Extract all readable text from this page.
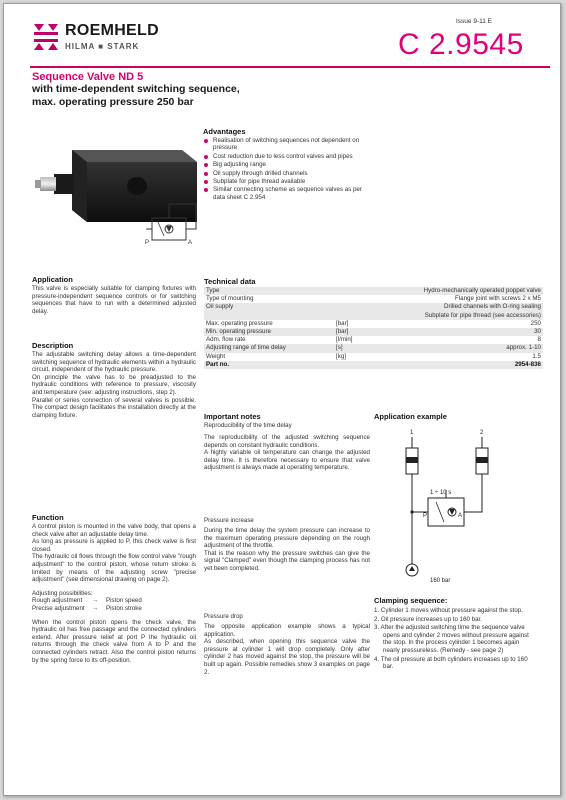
ROEMHELD
HILMA ■ STARK
Issue 9-11 E
C 2.9545
Sequence Valve ND 5
with time-dependent switching sequence,
max. operating pressure 250 bar
Advantages
Realisation of switching sequences not dependent on pressure
Cost reduction due to less control valves and pipes
Big adjusting range
Oil supply through drilled channels
Subplate for pipe thread available
Similar connecting scheme as sequence valves as per data sheet C 2.954
P	A
Application
This valve is especially suitable for clamping fixtures with pressure-independent sequence controls or for switching sequences that have to run with a determined adjusted delay.
Description
The adjustable switching delay allows a time-dependent switching sequence of hydraulic elements within a hydraulic circuit, independent of the hydraulic pressure.
On principle the valve has to be preadjusted to the hydraulic conditions with reference to pressure, viscosity and temperature (see: adjusting instructions, step 2).
Parallel or series connection of several valves is possible. The compact design facilitates the installation directly at the clamping fixture.
Technical data
Type		Hydro-mechanically operated poppet valve
Type of mounting		Flange joint with screws 2 x M5
Oil supply		Drilled channels with O-ring sealing
		Subplate for pipe thread (see accessories)
Max. operating pressure	[bar]	250
Min. operating pressure	[bar]	30
Adm. flow rate	[l/min]	8
Adjusting range of time delay	[s]	approx. 1-10
Weight	[kg]	1.5
Part no.		2954-836
Important notes
Reproducibility of the time delay
The reproducibility of the adjusted switching sequence depends on constant hydraulic conditions.
A highly variable oil temperature can change the adjusted delay time. It is therefore necessary to ensure that valve adjustment is always made at operating temperature.
Pressure increase
During the time delay the system pressure can increase to the maximum operating pressure depending on the rough adjustment of the throttle.
That is the reason why the pressure switches can give the signal "Clamped" even though the clamping process has not yet been completed.
Pressure drop
The opposite application example shows a typical application.
As described, when opening this sequence valve the pressure at cylinder 1 will drop completely. Only after cylinder 2 has moved against the stop, the pressure will be built up again. Possible remedies show 3 examples on page 2.
Application example
1	2
1 ÷ 10 s
P	A
160 bar
Function
A control piston is mounted in the valve body, that opens a check valve after an adjustable delay time.
As long as pressure is applied to P, this check valve is first closed.
The hydraulic oil flows through the flow control valve "rough adjustment" to the control piston, whose return stroke is limited by means of the adjusting screw "precise adjustment" (see dimensional drawing on page 2).
Adjusting possibilities:
Rough adjustment	→	Piston speed
Precise adjustment	→	Piston stroke
When the control piston opens the check valve, the hydraulic oil has free passage and the connected cylinders extend. After pressure relief at port P the hydraulic oil returns through the check valve from A to P and the connected cylinders retract. Also the control piston returns by the spring force to its off-position.
Clamping sequence:
1. Cylinder 1 moves without pressure against the stop.
2. Oil pressure increases up to 160 bar.
3. After the adjusted switching time the sequence valve opens and cylinder 2 moves without pressure against the stop. In the process cylinder 1 becomes again nearly pressureless. (Remedy - see page 2)
4. The oil pressure at both cylinders increases up to 160 bar.
